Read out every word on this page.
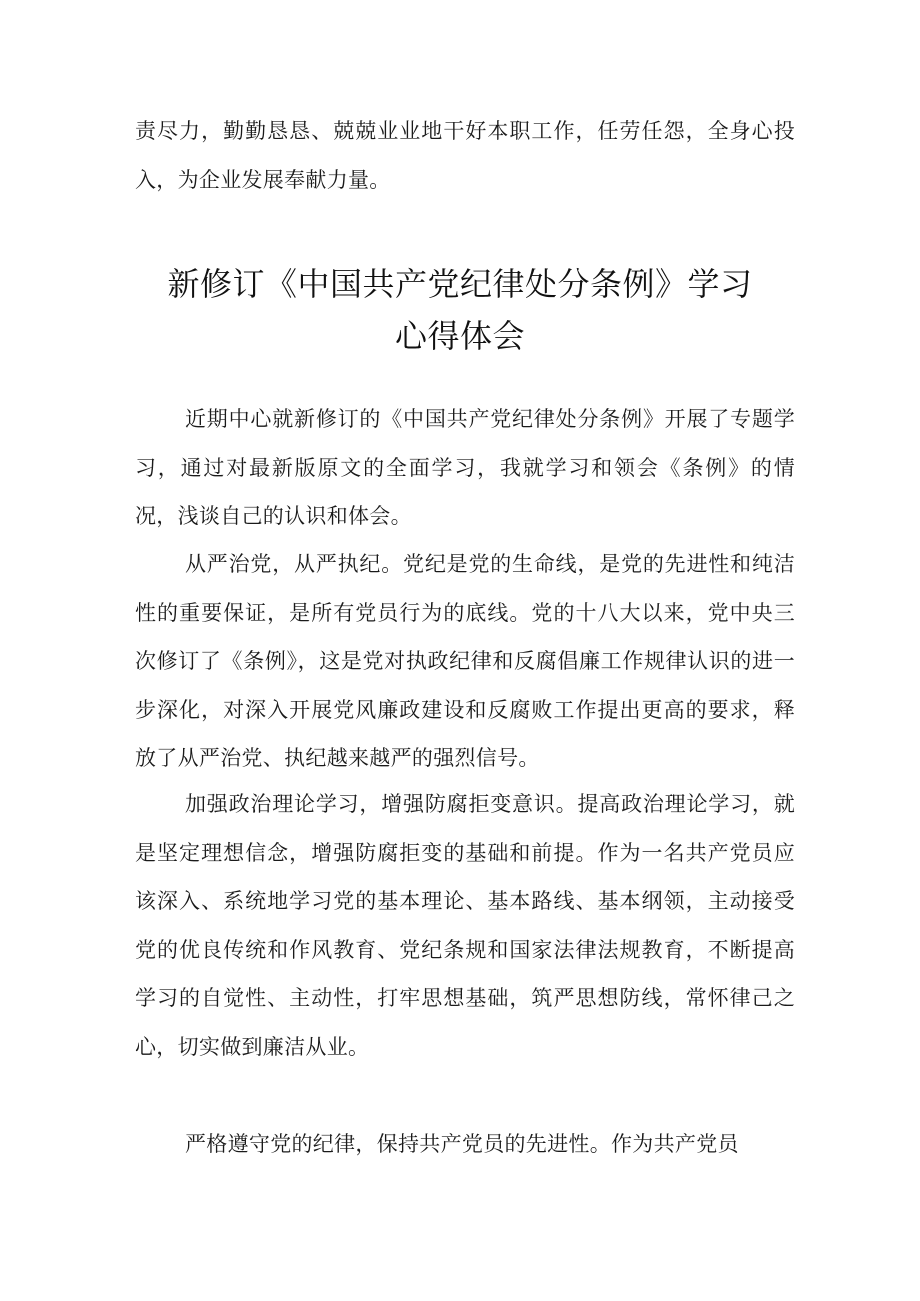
责尽力，勤勤恳恳、兢兢业业地干好本职工作，任劳任怨，全身心投入，为企业发展奉献力量。

新修订《中国共产党纪律处分条例》学习
心得体会

近期中心就新修订的《中国共产党纪律处分条例》开展了专题学习，通过对最新版原文的全面学习，我就学习和领会《条例》的情况，浅谈自己的认识和体会。

从严治党，从严执纪。党纪是党的生命线，是党的先进性和纯洁性的重要保证，是所有党员行为的底线。党的十八大以来，党中央三次修订了《条例》，这是党对执政纪律和反腐倡廉工作规律认识的进一步深化，对深入开展党风廉政建设和反腐败工作提出更高的要求，释放了从严治党、执纪越来越严的强烈信号。

加强政治理论学习，增强防腐拒变意识。提高政治理论学习，就是坚定理想信念，增强防腐拒变的基础和前提。作为一名共产党员应该深入、系统地学习党的基本理论、基本路线、基本纲领，主动接受党的优良传统和作风教育、党纪条规和国家法律法规教育，不断提高学习的自觉性、主动性，打牢思想基础，筑严思想防线，常怀律己之心，切实做到廉洁从业。

严格遵守党的纪律，保持共产党员的先进性。作为共产党员
